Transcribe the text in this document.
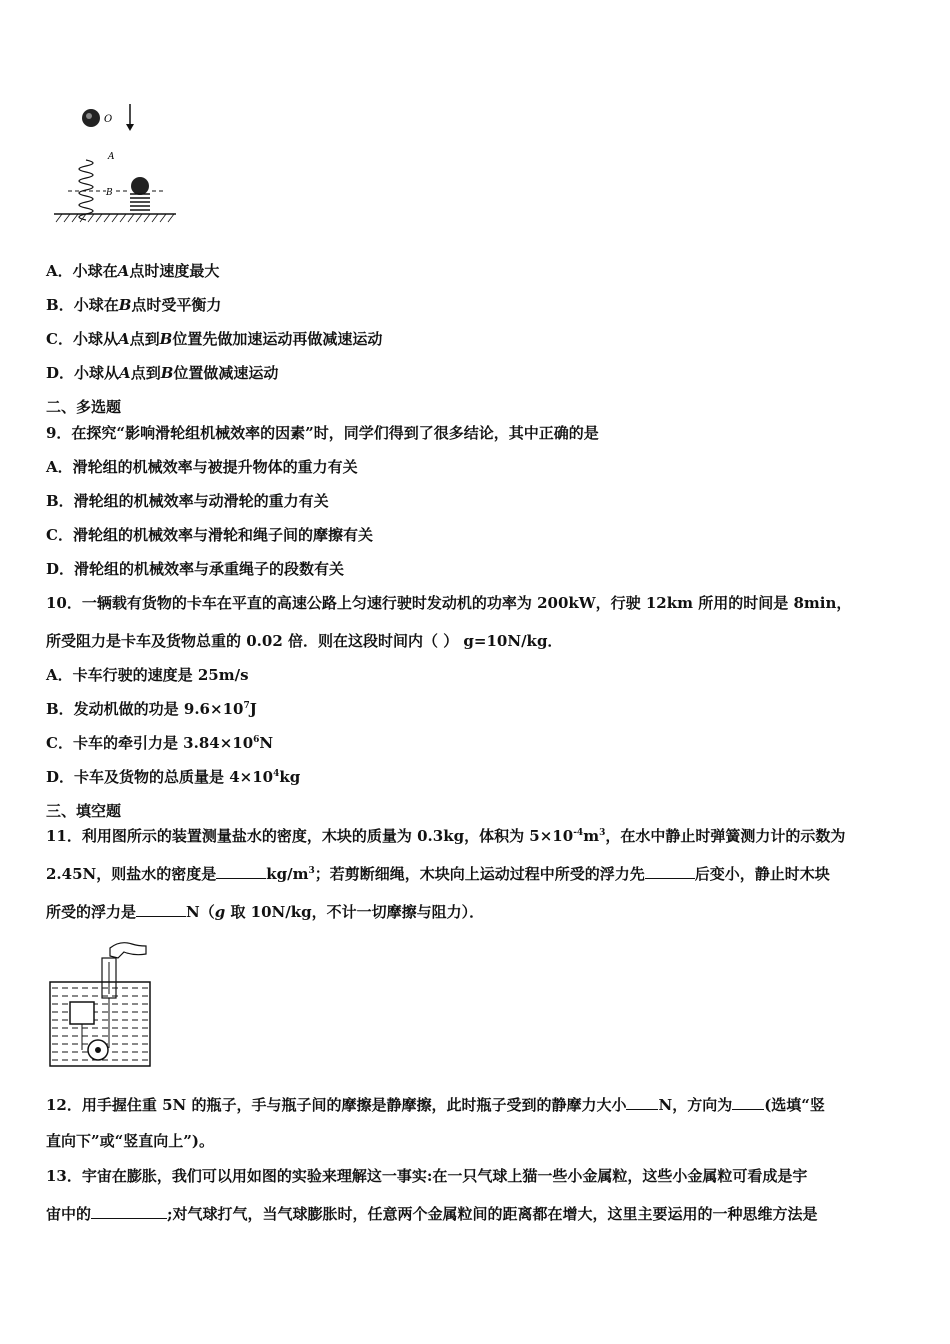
O
A
B
A．小球在A点时速度最大
B．小球在B点时受平衡力
C．小球从A点到B位置先做加速运动再做减速运动
D．小球从A点到B位置做减速运动
二、多选题
9．在探究“影响滑轮组机械效率的因素”时，同学们得到了很多结论，其中正确的是
A．滑轮组的机械效率与被提升物体的重力有关
B．滑轮组的机械效率与动滑轮的重力有关
C．滑轮组的机械效率与滑轮和绳子间的摩擦有关
D．滑轮组的机械效率与承重绳子的段数有关
10．一辆载有货物的卡车在平直的高速公路上匀速行驶时发动机的功率为 200kW，行驶 12km 所用的时间是 8min，
所受阻力是卡车及货物总重的 0.02 倍．则在这段时间内（ ） g=10N/kg．
A．卡车行驶的速度是 25m/s
B．发动机做的功是 $9.6\times 10^7J$
C．卡车的牵引力是 $3.84\times 10^6N$
D．卡车及货物的总质量是 $4\times 10^4kg$
三、填空题
11．利用图所示的装置测量盐水的密度，木块的质量为 0.3kg，体积为 $5\times 10^{-4}m^3$，在水中静止时弹簧测力计的示数为
2.45N，则盐水的密度是	$kg/m^3$；若剪断细绳，木块向上运动过程中所受的浮力先	后变小，静止时木块
所受的浮力是	N（g 取 10N/kg，不计一切摩擦与阻力）．
12．用手握住重 5N 的瓶子，手与瓶子间的摩擦是静摩擦，此时瓶子受到的静摩力大小 N，方向为 (选填“竖
直向下”或“竖直向上”)。
13．宇宙在膨胀，我们可以用如图的实验来理解这一事实:在一只气球上猫一些小金属粒，这些小金属粒可看成是宇
宙中的	;对气球打气，当气球膨胀时，任意两个金属粒间的距离都在增大，这里主要运用的一种思维方法是
